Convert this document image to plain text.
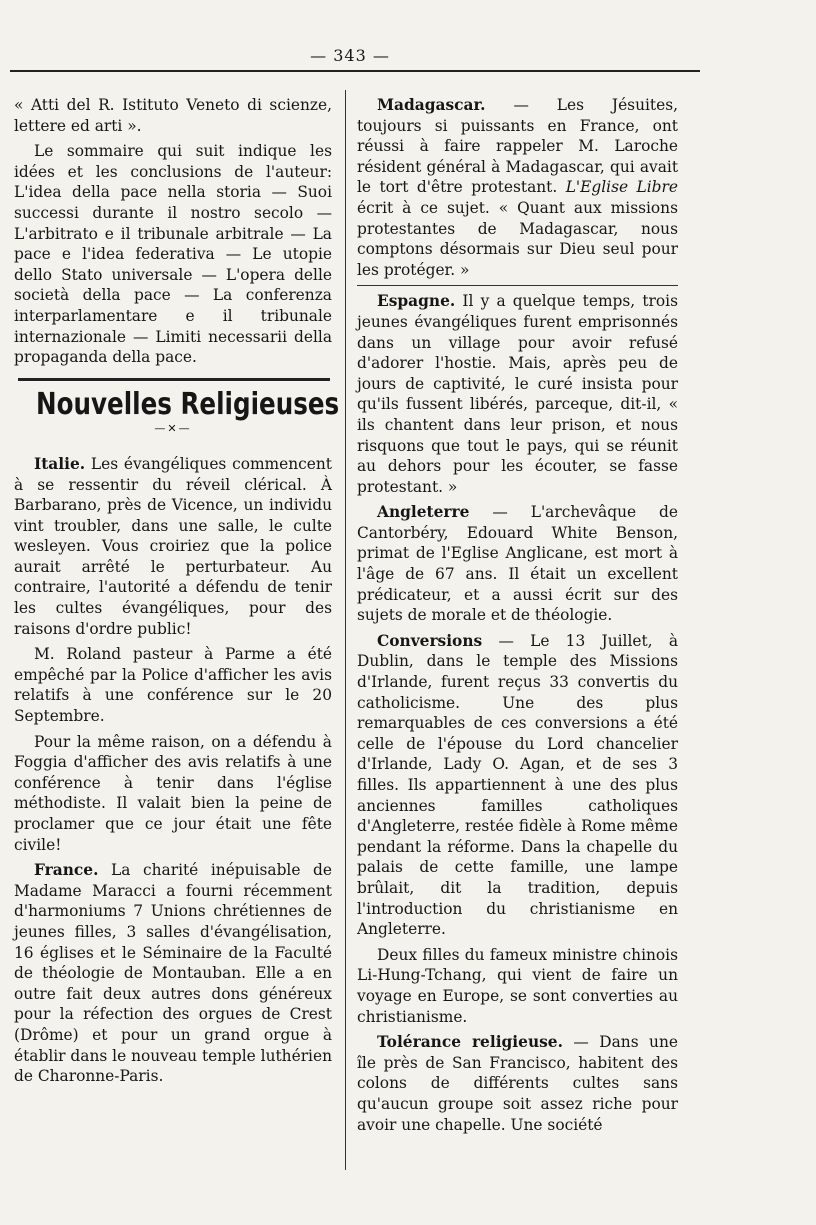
— 343 —

« Atti del R. Istituto Veneto di scienze, lettere ed arti ».

Le sommaire qui suit indique les idées et les conclusions de l'auteur: L'idea della pace nella storia — Suoi successi durante il nostro secolo — L'arbitrato e il tribunale arbitrale — La pace e l'idea federativa — Le utopie dello Stato universale — L'opera delle società della pace — La conferenza interparlamentare e il tribunale internazionale — Limiti necessarii della propaganda della pace.

Nouvelles Religieuses
—✕—

Italie. Les évangéliques commencent à se ressentir du réveil clérical. À Barbarano, près de Vicence, un individu vint troubler, dans une salle, le culte wesleyen. Vous croiriez que la police aurait arrêté le perturbateur. Au contraire, l'autorité a défendu de tenir les cultes évangéliques, pour des raisons d'ordre public!

M. Roland pasteur à Parme a été empêché par la Police d'afficher les avis relatifs à une conférence sur le 20 Septembre.

Pour la même raison, on a défendu à Foggia d'afficher des avis relatifs à une conférence à tenir dans l'église méthodiste. Il valait bien la peine de proclamer que ce jour était une fête civile!

France. La charité inépuisable de Madame Maracci a fourni récemment d'harmoniums 7 Unions chrétiennes de jeunes filles, 3 salles d'évangélisation, 16 églises et le Séminaire de la Faculté de théologie de Montauban. Elle a en outre fait deux autres dons généreux pour la réfection des orgues de Crest (Drôme) et pour un grand orgue à établir dans le nouveau temple luthérien de Charonne-Paris.

Madagascar. — Les Jésuites, toujours si puissants en France, ont réussi à faire rappeler M. Laroche résident général à Madagascar, qui avait le tort d'être protestant. L'Eglise Libre écrit à ce sujet. « Quant aux missions protestantes de Madagascar, nous comptons désormais sur Dieu seul pour les protéger. »

Espagne. Il y a quelque temps, trois jeunes évangéliques furent emprisonnés dans un village pour avoir refusé d'adorer l'hostie. Mais, après peu de jours de captivité, le curé insista pour qu'ils fussent libérés, parceque, dit-il, « ils chantent dans leur prison, et nous risquons que tout le pays, qui se réunit au dehors pour les écouter, se fasse protestant. »

Angleterre — L'archevâque de Cantorbéry, Edouard White Benson, primat de l'Eglise Anglicane, est mort à l'âge de 67 ans. Il était un excellent prédicateur, et a aussi écrit sur des sujets de morale et de théologie.

Conversions — Le 13 Juillet, à Dublin, dans le temple des Missions d'Irlande, furent reçus 33 convertis du catholicisme. Une des plus remarquables de ces conversions a été celle de l'épouse du Lord chancelier d'Irlande, Lady O. Agan, et de ses 3 filles. Ils appartiennent à une des plus anciennes familles catholiques d'Angleterre, restée fidèle à Rome même pendant la réforme. Dans la chapelle du palais de cette famille, une lampe brûlait, dit la tradition, depuis l'introduction du christianisme en Angleterre.

Deux filles du fameux ministre chinois Li-Hung-Tchang, qui vient de faire un voyage en Europe, se sont converties au christianisme.

Tolérance religieuse. — Dans une île près de San Francisco, habitent des colons de différents cultes sans qu'aucun groupe soit assez riche pour avoir une chapelle. Une société
